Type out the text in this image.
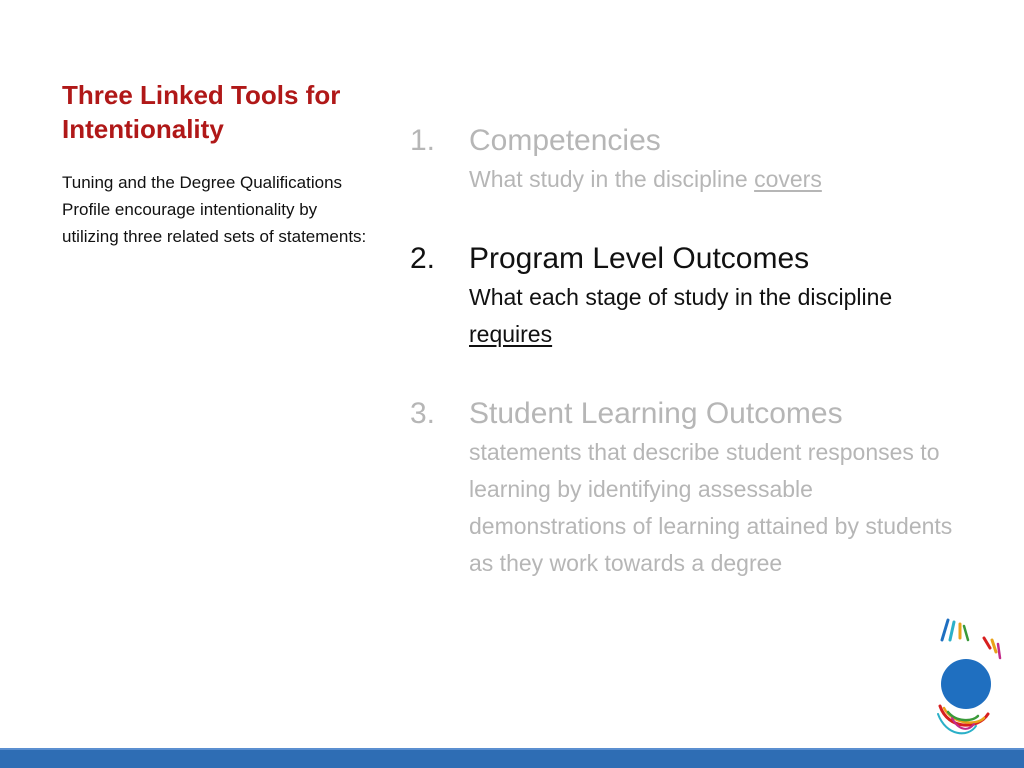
Three Linked Tools for Intentionality

Tuning and the Degree Qualifications Profile encourage intentionality by utilizing three related sets of statements:

1. Competencies
What study in the discipline covers
2. Program Level Outcomes
What each stage of study in the discipline requires
3. Student Learning Outcomes
statements that describe student responses to learning by identifying assessable demonstrations of learning attained by students as they work towards a degree
